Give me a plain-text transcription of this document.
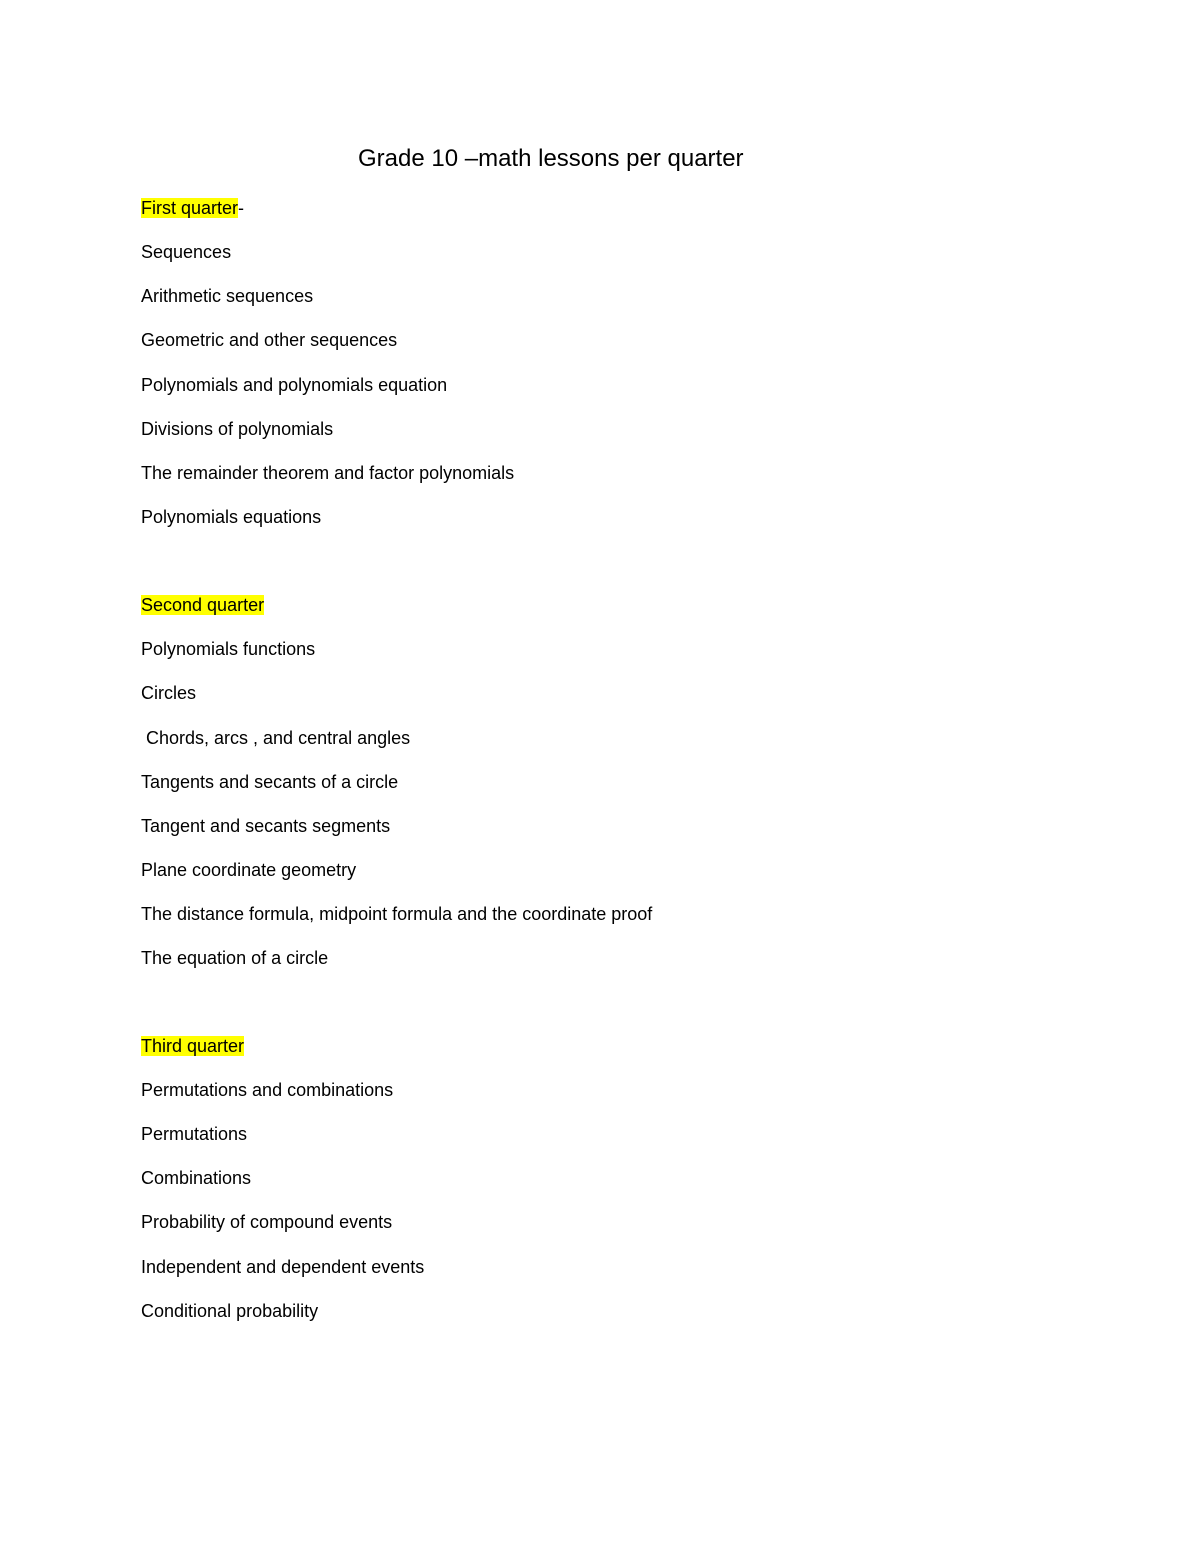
Grade 10 –math lessons per quarter
First quarter-
Sequences
Arithmetic sequences
Geometric and other sequences
Polynomials and polynomials equation
Divisions of polynomials
The remainder theorem and factor polynomials
Polynomials equations
Second quarter
Polynomials functions
Circles
Chords, arcs , and central angles
Tangents and secants of a circle
Tangent and secants segments
Plane coordinate geometry
The distance formula, midpoint formula and the coordinate proof
The equation of a circle
Third quarter
Permutations and combinations
Permutations
Combinations
Probability of compound events
Independent and dependent events
Conditional probability
